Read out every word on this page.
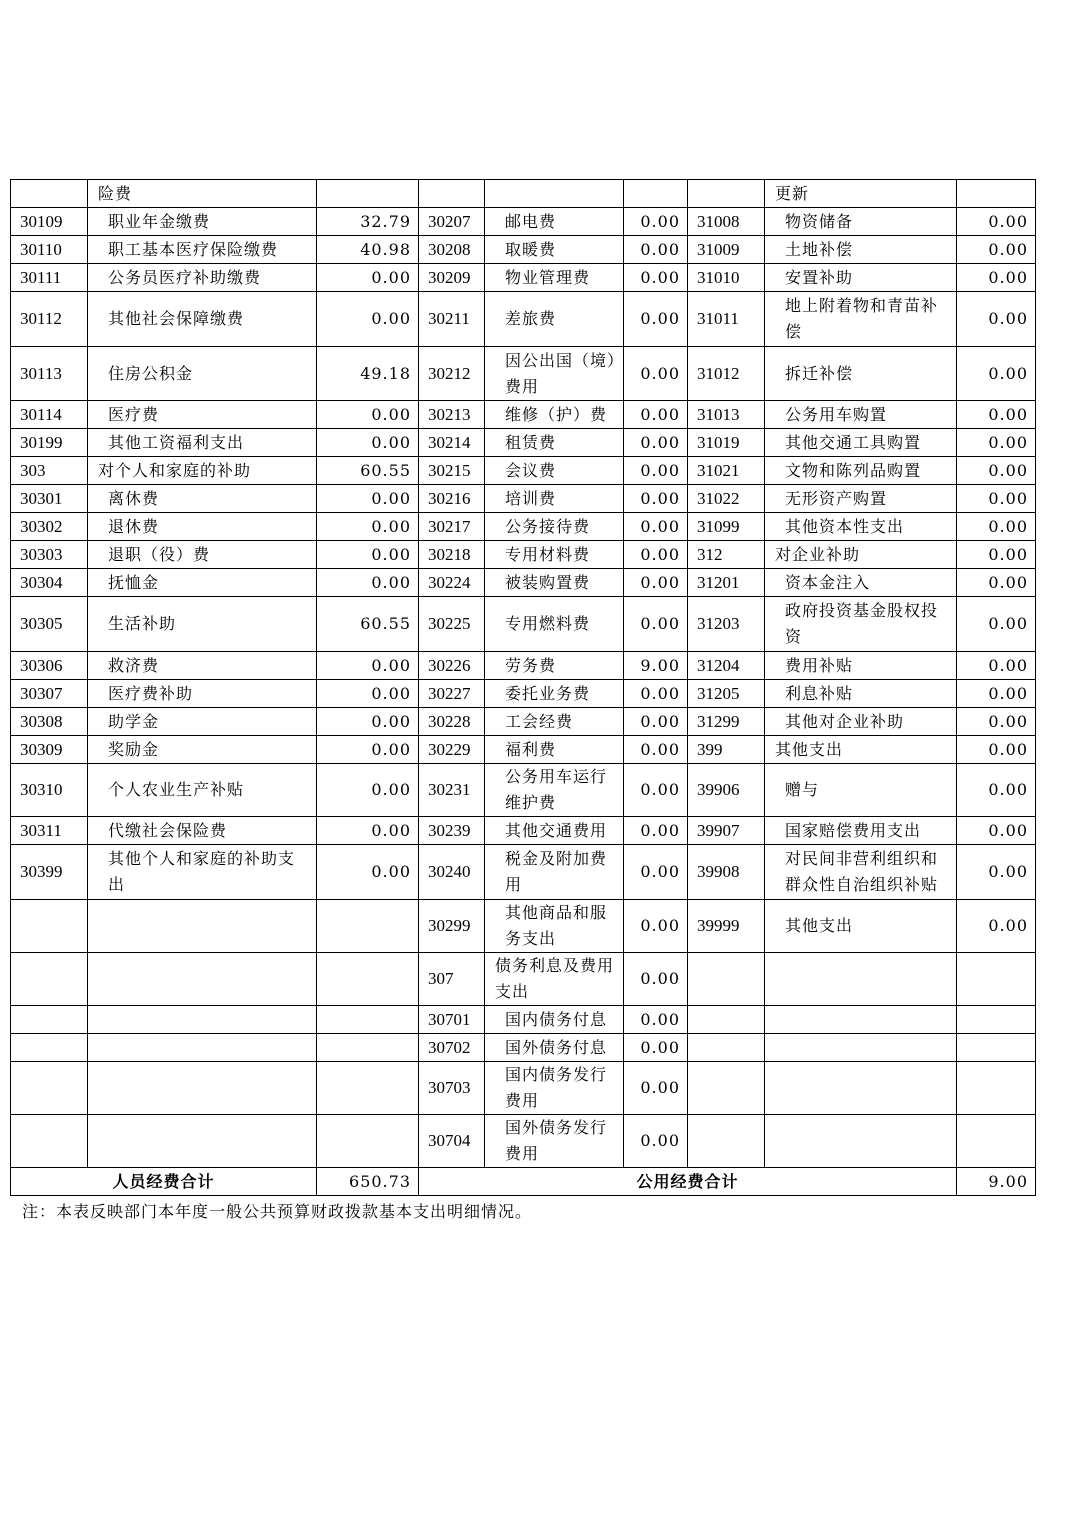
	险费						更新	
30109	职业年金缴费	32.79	30207	邮电费	0.00	31008	物资储备	0.00
30110	职工基本医疗保险缴费	40.98	30208	取暖费	0.00	31009	土地补偿	0.00
30111	公务员医疗补助缴费	0.00	30209	物业管理费	0.00	31010	安置补助	0.00
30112	其他社会保障缴费	0.00	30211	差旅费	0.00	31011	地上附着物和青苗补偿	0.00
30113	住房公积金	49.18	30212	因公出国（境）费用	0.00	31012	拆迁补偿	0.00
30114	医疗费	0.00	30213	维修（护）费	0.00	31013	公务用车购置	0.00
30199	其他工资福利支出	0.00	30214	租赁费	0.00	31019	其他交通工具购置	0.00
303	对个人和家庭的补助	60.55	30215	会议费	0.00	31021	文物和陈列品购置	0.00
30301	离休费	0.00	30216	培训费	0.00	31022	无形资产购置	0.00
30302	退休费	0.00	30217	公务接待费	0.00	31099	其他资本性支出	0.00
30303	退职（役）费	0.00	30218	专用材料费	0.00	312	对企业补助	0.00
30304	抚恤金	0.00	30224	被装购置费	0.00	31201	资本金注入	0.00
30305	生活补助	60.55	30225	专用燃料费	0.00	31203	政府投资基金股权投资	0.00
30306	救济费	0.00	30226	劳务费	9.00	31204	费用补贴	0.00
30307	医疗费补助	0.00	30227	委托业务费	0.00	31205	利息补贴	0.00
30308	助学金	0.00	30228	工会经费	0.00	31299	其他对企业补助	0.00
30309	奖励金	0.00	30229	福利费	0.00	399	其他支出	0.00
30310	个人农业生产补贴	0.00	30231	公务用车运行维护费	0.00	39906	赠与	0.00
30311	代缴社会保险费	0.00	30239	其他交通费用	0.00	39907	国家赔偿费用支出	0.00
30399	其他个人和家庭的补助支出	0.00	30240	税金及附加费用	0.00	39908	对民间非营利组织和群众性自治组织补贴	0.00
			30299	其他商品和服务支出	0.00	39999	其他支出	0.00
			307	债务利息及费用支出	0.00			
			30701	国内债务付息	0.00			
			30702	国外债务付息	0.00			
			30703	国内债务发行费用	0.00			
			30704	国外债务发行费用	0.00			
人员经费合计		650.73	公用经费合计					9.00
注：本表反映部门本年度一般公共预算财政拨款基本支出明细情况。
